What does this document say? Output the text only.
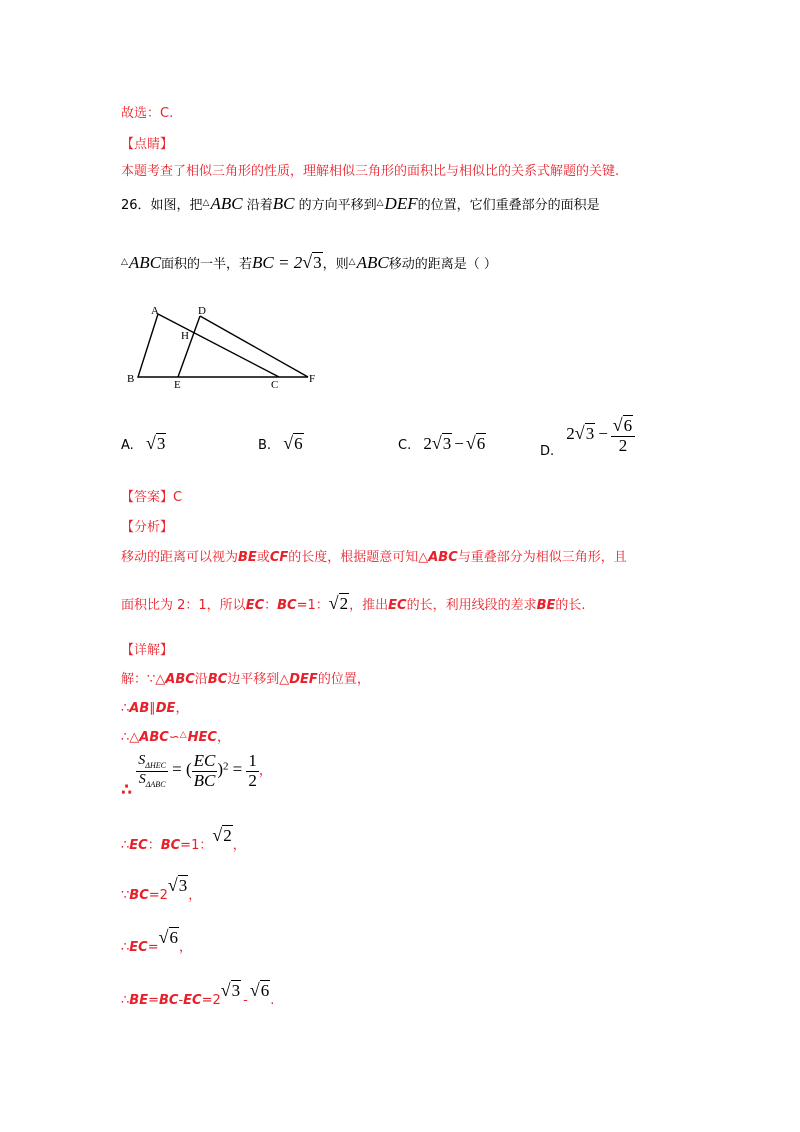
故选：C.
【点睛】
本题考查了相似三角形的性质，理解相似三角形的面积比与相似比的关系式解题的关键.
26．如图，把△ABC 沿着BC 的方向平移到△DEF的位置，它们重叠部分的面积是
△ABC面积的一半，若BC = 2√3，则△ABC移动的距离是（ ）
A	D
H
B	E	C	F
A. √3	B. √6	C. 2√3 − √6	D. $2√3 - \frac{√6}{2}$
【答案】C
【分析】
移动的距离可以视为BE或CF的长度，根据题意可知△ABC与重叠部分为相似三角形，且
面积比为 2：1，所以EC：BC=1：√2，推出EC的长，利用线段的差求BE的长.
【详解】
解：∵△ABC沿BC边平移到△DEF的位置，
∴AB∥DE，
∴△ABC∽△HEC，
∴ $\frac{S_{\Delta HEC}}{S_{\Delta ABC}}$ = ( $\frac{EC}{BC} )^2 = \frac{1}{2}$ ，
∴EC：BC=1：√2，
∵BC=2√3，
∴EC=√6，
∴BE=BC-EC=2√3-√6.
